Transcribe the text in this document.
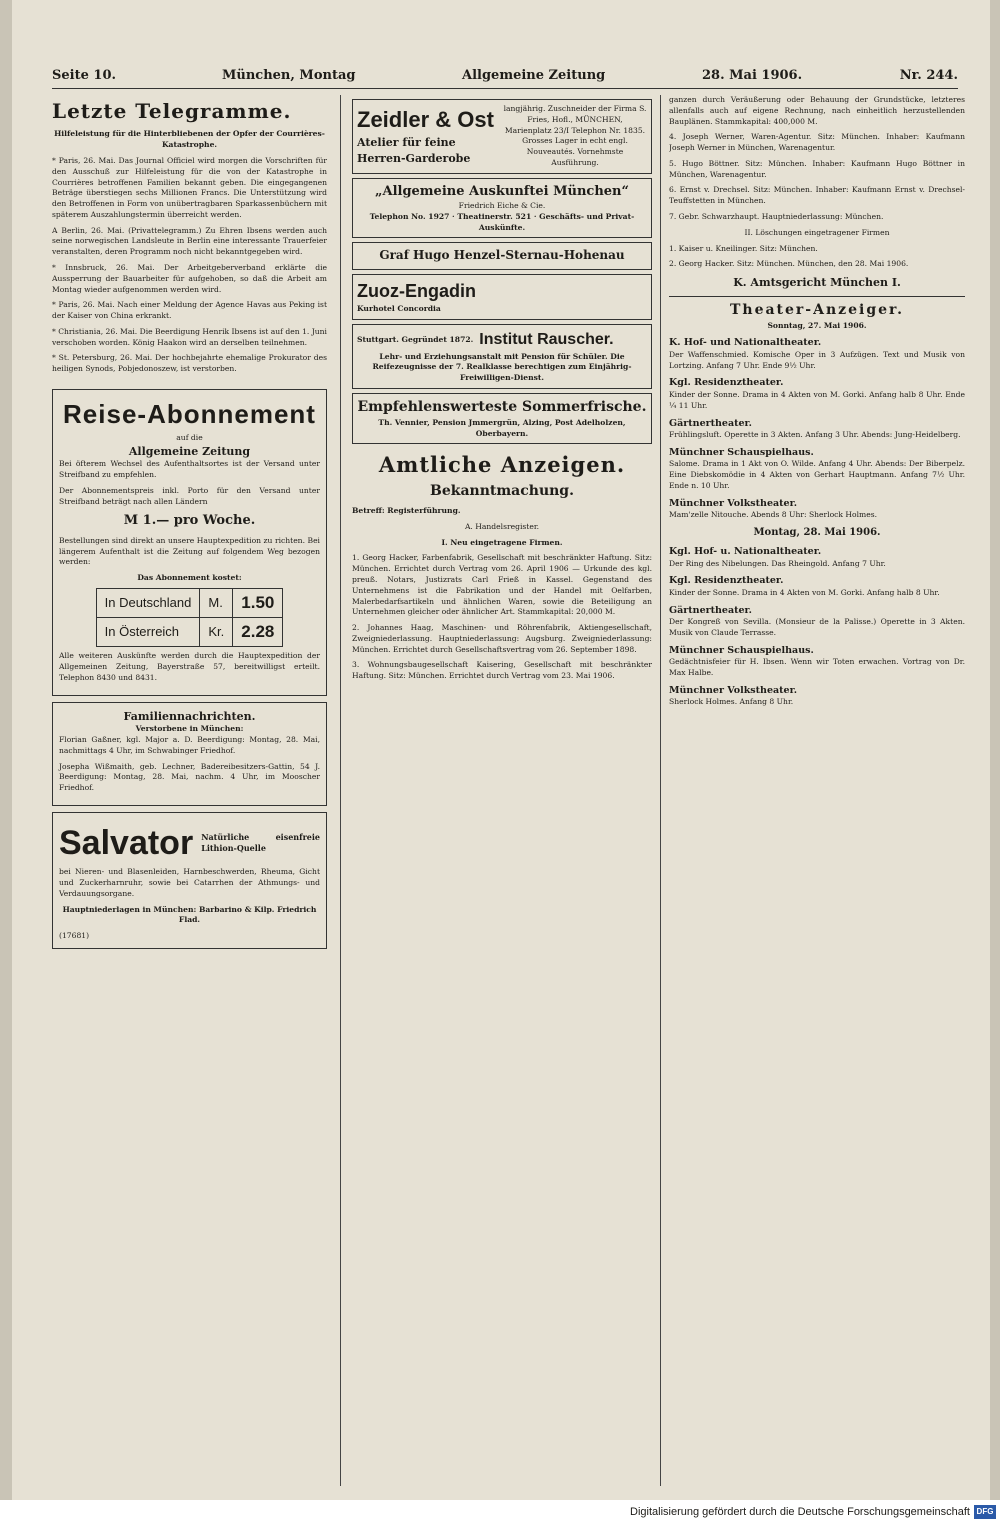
Seite 10.	München, Montag	Allgemeine Zeitung	28. Mai 1906.	Nr. 244.
Letzte Telegramme.

Hilfeleistung für die Hinterbliebenen der Opfer der Courrières-Katastrophe.

* Paris, 26. Mai. Das Journal Officiel wird morgen die Vorschriften für den Ausschuß zur Hilfeleistung für die von der Katastrophe in Courrières betroffenen Familien bekannt geben. Die eingegangenen Beträge überstiegen sechs Millionen Francs. Die Unterstützung wird den Betroffenen in Form von unübertragbaren Sparkassenbüchern mit späterem Auszahlungstermin überreicht werden.

A Berlin, 26. Mai. (Privattelegramm.) Zu Ehren Ibsens werden auch seine norwegischen Landsleute in Berlin eine interessante Trauerfeier veranstalten, deren Programm noch nicht bekanntgegeben wird.

* Innsbruck, 26. Mai. Der Arbeitgeberverband erklärte die Aussperrung der Bauarbeiter für aufgehoben, so daß die Arbeit am Montag wieder aufgenommen werden wird.

* Paris, 26. Mai. Nach einer Meldung der Agence Havas aus Peking ist der Kaiser von China erkrankt.

* Christiania, 26. Mai. Die Beerdigung Henrik Ibsens ist auf den 1. Juni verschoben worden. König Haakon wird an derselben teilnehmen.

* St. Petersburg, 26. Mai. Der hochbejahrte ehemalige Prokurator des heiligen Synods, Pobjedonoszew, ist verstorben.

Reise-Abonnement
auf die
Allgemeine Zeitung

Bei öfterem Wechsel des Aufenthaltsortes ist der Versand unter Streifband zu empfehlen.

Der Abonnementspreis inkl. Porto für den Versand unter Streifband beträgt nach allen Ländern

M 1.— pro Woche.

Bestellungen sind direkt an unsere Hauptexpedition zu richten. Bei längerem Aufenthalt ist die Zeitung auf folgendem Weg bezogen werden:

Das Abonnement kostet:
In Deutschland	M.	1.50
In Österreich	Kr.	2.28

Alle weiteren Auskünfte werden durch die Hauptexpedition der Allgemeinen Zeitung, Bayerstraße 57, bereitwilligst erteilt. Telephon 8430 und 8431.

Familiennachrichten.
Verstorbene in München:

Florian Gaßner, kgl. Major a. D. Beerdigung: Montag, 28. Mai, nachmittags 4 Uhr, im Schwabinger Friedhof.

Josepha Wißmaith, geb. Lechner, Badereibesitzers-Gattin, 54 J. Beerdigung: Montag, 28. Mai, nachm. 4 Uhr, im Mooscher Friedhof.

Salvator Natürliche eisenfreie Lithion-Quelle

bei Nieren- und Blasenleiden, Harnbeschwerden, Rheuma, Gicht und Zuckerharnruhr, sowie bei Catarrhen der Athmungs- und Verdauungsorgane.

Hauptniederlagen in München: Barbarino & Kilp. Friedrich Flad.

(17681)
Zeidler & Ost
Atelier für feine
Herren-Garderobe
langjährig. Zuschneider der Firma S. Fries, Hofl., MÜNCHEN, Marienplatz 23/I Telephon Nr. 1835. Grosses Lager in echt engl. Nouveautés. Vornehmste Ausführung.
„Allgemeine Auskunftei München“
Friedrich Eiche & Cie.
Telephon No. 1927 · Theatinerstr. 521 · Geschäfts- und Privat-Auskünfte.
Graf Hugo Henzel-Sternau-Hohenau
Zuoz-Engadin
Kurhotel Concordia
Stuttgart. Gegründet 1872. Institut Rauscher.
Lehr- und Erziehungsanstalt mit Pension für Schüler. Die Reifezeugnisse der 7. Realklasse berechtigen zum Einjährig-Freiwilligen-Dienst.
Empfehlenswerteste Sommerfrische.
Th. Vennier, Pension Jmmergrün, Alzing, Post Adelholzen, Oberbayern.
Amtliche Anzeigen.
Bekanntmachung.

Betreff: Registerführung.

A. Handelsregister.

I. Neu eingetragene Firmen.

1. Georg Hacker, Farbenfabrik, Gesellschaft mit beschränkter Haftung. Sitz: München. Errichtet durch Vertrag vom 26. April 1906 — Urkunde des kgl. preuß. Notars, Justizrats Carl Frieß in Kassel. Gegenstand des Unternehmens ist die Fabrikation und der Handel mit Oelfarben, Malerbedarfsartikeln und ähnlichen Waren, sowie die Beteiligung an Unternehmen gleicher oder ähnlicher Art. Stammkapital: 20,000 M.

2. Johannes Haag, Maschinen- und Röhrenfabrik, Aktiengesellschaft, Zweigniederlassung. Hauptniederlassung: Augsburg. Zweigniederlassung: München. Errichtet durch Gesellschaftsvertrag vom 26. September 1898.

3. Wohnungsbaugesellschaft Kaisering, Gesellschaft mit beschränkter Haftung. Sitz: München. Errichtet durch Vertrag vom 23. Mai 1906.

ganzen durch Veräußerung oder Behauung der Grundstücke, letzteres allenfalls auch auf eigene Rechnung, nach einheitlich herzustellenden Bauplänen. Stammkapital: 400,000 M.

4. Joseph Werner, Waren-Agentur. Sitz: München. Inhaber: Kaufmann Joseph Werner in München, Warenagentur.

5. Hugo Böttner. Sitz: München. Inhaber: Kaufmann Hugo Böttner in München, Warenagentur.

6. Ernst v. Drechsel. Sitz: München. Inhaber: Kaufmann Ernst v. Drechsel-Teuffstetten in München.

7. Gebr. Schwarzhaupt. Hauptniederlassung: München.

II. Löschungen eingetragener Firmen

1. Kaiser u. Kneilinger. Sitz: München.

2. Georg Hacker. Sitz: München. München, den 28. Mai 1906.

K. Amtsgericht München I.

Theater-Anzeiger.

Sonntag, 27. Mai 1906.

K. Hof- und Nationaltheater.
Der Waffenschmied. Komische Oper in 3 Aufzügen. Text und Musik von Lortzing. Anfang 7 Uhr. Ende 9½ Uhr.

Kgl. Residenztheater.
Kinder der Sonne. Drama in 4 Akten von M. Gorki. Anfang halb 8 Uhr. Ende ¼ 11 Uhr.

Gärtnertheater.
Frühlingsluft. Operette in 3 Akten. Anfang 3 Uhr. Abends: Jung-Heidelberg.

Münchner Schauspielhaus.
Salome. Drama in 1 Akt von O. Wilde. Anfang 4 Uhr. Abends: Der Biberpelz. Eine Diebskomödie in 4 Akten von Gerhart Hauptmann. Anfang 7½ Uhr. Ende n. 10 Uhr.

Münchner Volkstheater.
Mam'zelle Nitouche. Abends 8 Uhr: Sherlock Holmes.

Montag, 28. Mai 1906.

Kgl. Hof- u. Nationaltheater.
Der Ring des Nibelungen. Das Rheingold. Anfang 7 Uhr.

Kgl. Residenztheater.
Kinder der Sonne. Drama in 4 Akten von M. Gorki. Anfang halb 8 Uhr.

Gärtnertheater.
Der Kongreß von Sevilla. (Monsieur de la Palisse.) Operette in 3 Akten. Musik von Claude Terrasse.

Münchner Schauspielhaus.
Gedächtnisfeier für H. Ibsen. Wenn wir Toten erwachen. Vortrag von Dr. Max Halbe.

Münchner Volkstheater.
Sherlock Holmes. Anfang 8 Uhr.

Digitalisierung gefördert durch die Deutsche Forschungsgemeinschaft DFG
